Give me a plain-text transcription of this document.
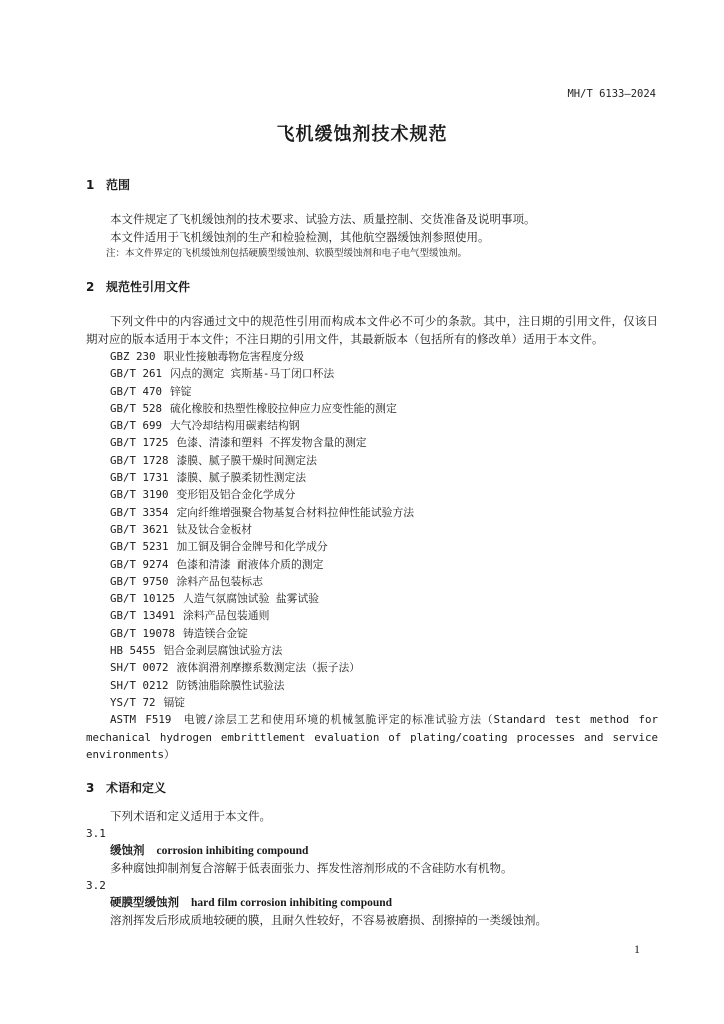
MH/T 6133—2024
飞机缓蚀剂技术规范
1 范围
本文件规定了飞机缓蚀剂的技术要求、试验方法、质量控制、交货准备及说明事项。
本文件适用于飞机缓蚀剂的生产和检验检测，其他航空器缓蚀剂参照使用。
注：本文件界定的飞机缓蚀剂包括硬膜型缓蚀剂、软膜型缓蚀剂和电子电气型缓蚀剂。
2 规范性引用文件
下列文件中的内容通过文中的规范性引用而构成本文件必不可少的条款。其中，注日期的引用文件，仅该日期对应的版本适用于本文件；不注日期的引用文件，其最新版本（包括所有的修改单）适用于本文件。
GBZ 230 职业性接触毒物危害程度分级
GB/T 261 闪点的测定 宾斯基-马丁闭口杯法
GB/T 470 锌锭
GB/T 528 硫化橡胶和热塑性橡胶拉伸应力应变性能的测定
GB/T 699 大气冷却结构用碳素结构钢
GB/T 1725 色漆、清漆和塑料 不挥发物含量的测定
GB/T 1728 漆膜、腻子膜干燥时间测定法
GB/T 1731 漆膜、腻子膜柔韧性测定法
GB/T 3190 变形铝及铝合金化学成分
GB/T 3354 定向纤维增强聚合物基复合材料拉伸性能试验方法
GB/T 3621 钛及钛合金板材
GB/T 5231 加工铜及铜合金牌号和化学成分
GB/T 9274 色漆和清漆 耐液体介质的测定
GB/T 9750 涂料产品包装标志
GB/T 10125 人造气氛腐蚀试验 盐雾试验
GB/T 13491 涂料产品包装通则
GB/T 19078 铸造镁合金锭
HB 5455 铝合金剥层腐蚀试验方法
SH/T 0072 液体润滑剂摩擦系数测定法（振子法）
SH/T 0212 防锈油脂除膜性试验法
YS/T 72 镉锭
ASTM F519　电镀/涂层工艺和使用环境的机械氢脆评定的标准试验方法（Standard test method for mechanical hydrogen embrittlement evaluation of plating/coating processes and service environments）
3 术语和定义
下列术语和定义适用于本文件。
3.1
缓蚀剂 corrosion inhibiting compound
多种腐蚀抑制剂复合溶解于低表面张力、挥发性溶剂形成的不含硅防水有机物。
3.2
硬膜型缓蚀剂 hard film corrosion inhibiting compound
溶剂挥发后形成质地较硬的膜，且耐久性较好，不容易被磨损、刮擦掉的一类缓蚀剂。
1
